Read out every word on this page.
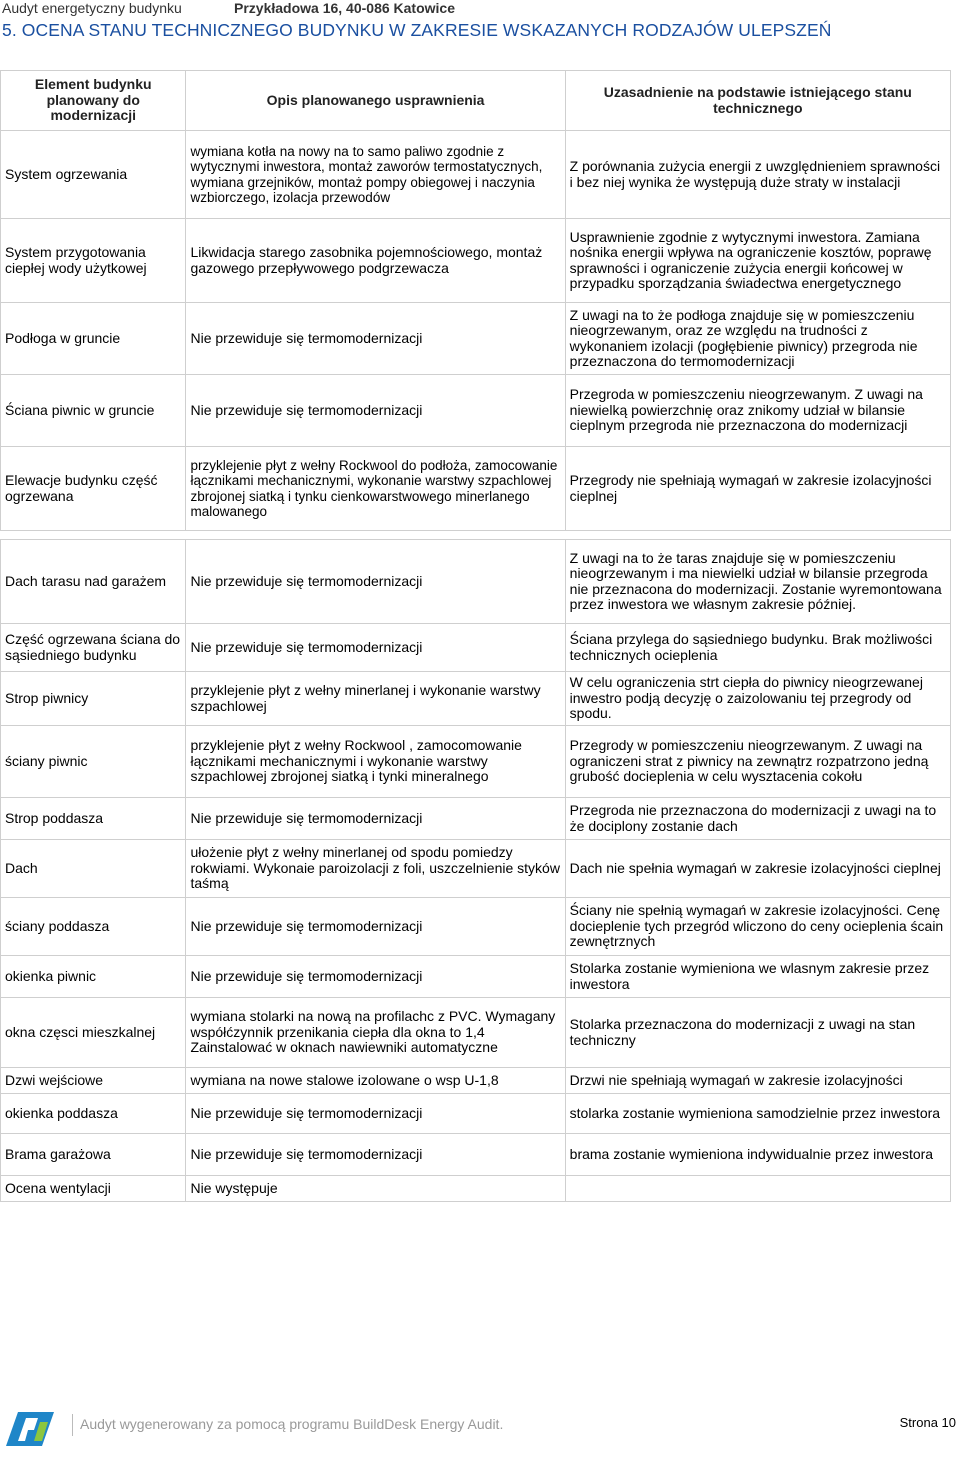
Audyt energetyczny budynku	Przykładowa 16, 40-086 Katowice
5. OCENA STANU TECHNICZNEGO BUDYNKU W ZAKRESIE WSKAZANYCH RODZAJÓW ULEPSZEŃ
Element budynku planowany do modernizacji	Opis planowanego usprawnienia	Uzasadnienie na podstawie istniejącego stanu technicznego
System ogrzewania	wymiana kotła na nowy na to samo paliwo zgodnie z wytycznymi inwestora, montaż zaworów termostatycznych, wymiana grzejników, montaż pompy obiegowej i naczynia wzbiorczego, izolacja przewodów	Z porównania zużycia energii z uwzględnieniem sprawności i bez niej wynika że występują duże straty w instalacji
System przygotowania ciepłej wody użytkowej	Likwidacja starego zasobnika pojemnościowego, montaż gazowego przepływowego podgrzewacza	Usprawnienie zgodnie z wytycznymi inwestora. Zamiana nośnika energii wpływa na ograniczenie kosztów, poprawę sprawności i ograniczenie zużycia energii końcowej w przypadku sporządzania świadectwa energetycznego
Podłoga w gruncie	Nie przewiduje się termomodernizacji	Z uwagi na to że podłoga znajduje się w pomieszczeniu nieogrzewanym, oraz ze względu na trudności z wykonaniem izolacji (pogłębienie piwnicy) przegroda nie przeznaczona do termomodernizacji
Ściana piwnic w gruncie	Nie przewiduje się termomodernizacji	Przegroda w pomieszczeniu nieogrzewanym. Z uwagi na niewielką powierzchnię oraz znikomy udział w bilansie cieplnym przegroda nie przeznaczona do modernizacji
Elewacje budynku część ogrzewana	przyklejenie płyt z wełny Rockwool do podłoża, zamocowanie łącznikami mechanicznymi, wykonanie warstwy szpachlowej zbrojonej siatką i tynku cienkowarstwowego minerlanego malowanego	Przegrody nie spełniają wymagań w zakresie izolacyjności cieplnej
Dach tarasu nad garażem	Nie przewiduje się termomodernizacji	Z uwagi na to że taras znajduje się w pomieszczeniu nieogrzewanym i ma niewielki udział w bilansie przegroda nie przeznacona do modernizacji. Zostanie wyremontowana przez inwestora we własnym zakresie później.
Część ogrzewana ściana do sąsiedniego budynku	Nie przewiduje się termomodernizacji	Ściana przylega do sąsiedniego budynku. Brak możliwości technicznych ocieplenia
Strop piwnicy	przyklejenie płyt z wełny minerlanej i wykonanie warstwy szpachlowej	W celu ograniczenia strt ciepła do piwnicy nieogrzewanej inwestro podją decyzję o zaizolowaniu tej przegrody od spodu.
ściany piwnic	przyklejenie płyt z wełny Rockwool , zamocomowanie łącznikami mechanicznymi i wykonanie warstwy szpachlowej zbrojonej siatką i tynki mineralnego	Przegrody w pomieszczeniu nieogrzewanym. Z uwagi na ograniczeni strat z piwnicy na zewnątrz rozpatrzono jedną grubość docieplenia w celu wysztacenia cokołu
Strop poddasza	Nie przewiduje się termomodernizacji	Przegroda nie przeznaczona do modernizacji z uwagi na to że dociplony zostanie dach
Dach	ułożenie płyt z wełny minerlanej od spodu pomiedzy rokwiami. Wykonaie paroizolacji z foli, uszczelnienie styków taśmą	Dach nie spełnia wymagań w zakresie izolacyjności cieplnej
ściany poddasza	Nie przewiduje się termomodernizacji	Ściany nie spełnią wymagań w zakresie izolacyjności. Cenę docieplenie tych przegród wliczono do ceny ocieplenia ścain zewnętrznych
okienka piwnic	Nie przewiduje się termomodernizacji	Stolarka zostanie wymieniona we wlasnym zakresie przez inwestora
okna częsci mieszkalnej	wymiana stolarki na nową na profilachc z PVC. Wymagany współćzynnik przenikania ciepła dla okna to 1,4 Zainstalować w oknach nawiewniki automatyczne	Stolarka przeznaczona do modernizacji z uwagi na stan techniczny
Dzwi wejściowe	wymiana na nowe stalowe izolowane o wsp U-1,8	Drzwi nie spełniają wymagań w zakresie izolacyjności
okienka poddasza	Nie przewiduje się termomodernizacji	stolarka zostanie wymieniona samodzielnie przez inwestora
Brama garażowa	Nie przewiduje się termomodernizacji	brama zostanie wymieniona indywidualnie przez inwestora
Ocena wentylacji	Nie występuje	
Audyt wygenerowany za pomocą programu BuildDesk Energy Audit.	Strona 10
